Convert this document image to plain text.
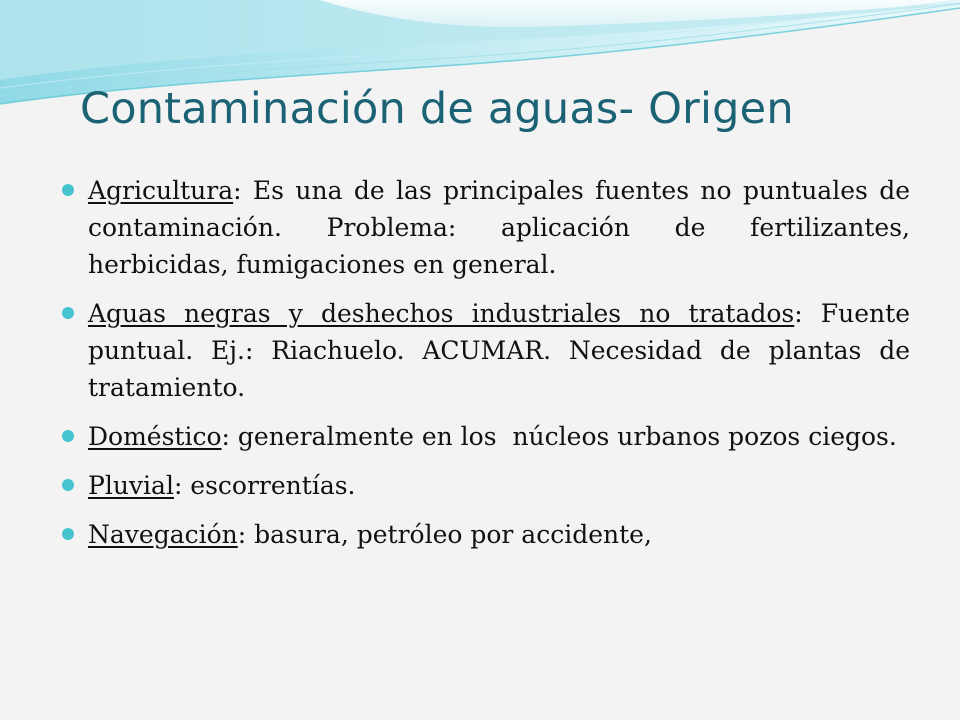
Contaminación de aguas- Origen
Agricultura: Es una de las principales fuentes no puntuales de contaminación. Problema: aplicación de fertilizantes, herbicidas, fumigaciones en general.
Aguas negras y deshechos industriales no tratados: Fuente puntual. Ej.: Riachuelo. ACUMAR. Necesidad de plantas de tratamiento.
Doméstico: generalmente en los  núcleos urbanos pozos ciegos.
Pluvial: escorrentías.
Navegación: basura, petróleo por accidente,
